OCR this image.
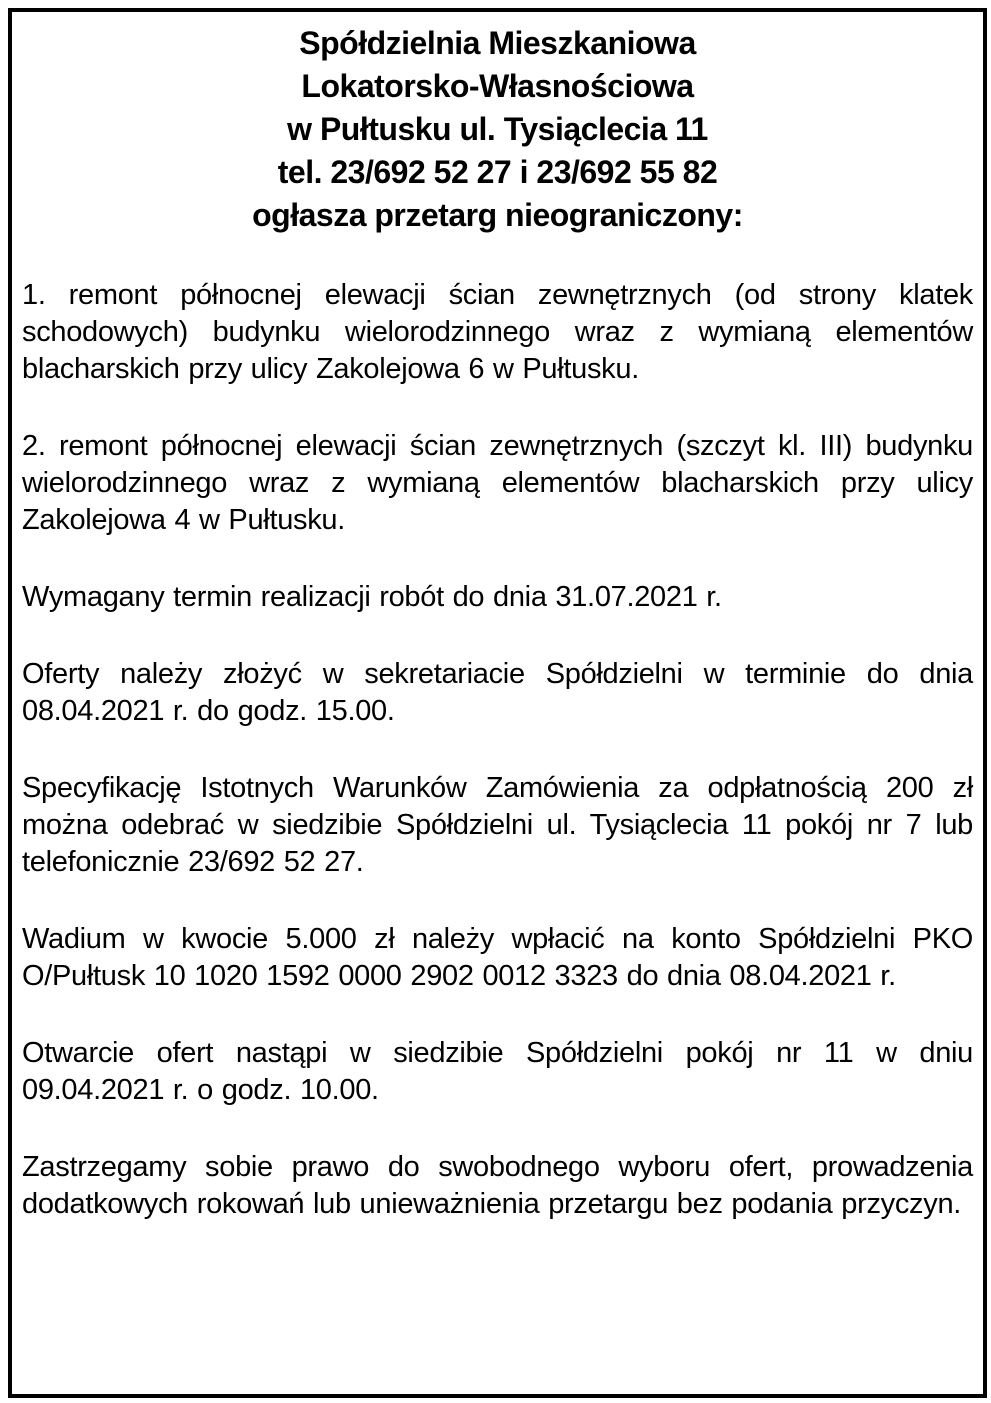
Spółdzielnia Mieszkaniowa
Lokatorsko-Własnościowa
w Pułtusku ul. Tysiąclecia 11
tel. 23/692 52 27 i 23/692 55 82
ogłasza przetarg nieograniczony:

1. remont północnej elewacji ścian zewnętrznych (od strony klatek schodowych) budynku wielorodzinnego wraz z wymianą elementów blacharskich przy ulicy Zakolejowa 6 w Pułtusku.

2. remont północnej elewacji ścian zewnętrznych (szczyt kl. III) budynku wielorodzinnego wraz z wymianą elementów blacharskich przy ulicy Zakolejowa 4 w Pułtusku.

Wymagany termin realizacji robót do dnia 31.07.2021 r.

Oferty należy złożyć w sekretariacie Spółdzielni w terminie do dnia 08.04.2021 r. do godz. 15.00.

Specyfikację Istotnych Warunków Zamówienia za odpłatnością 200 zł można odebrać w siedzibie Spółdzielni ul. Tysiąclecia 11 pokój nr 7 lub telefonicznie 23/692 52 27.

Wadium w kwocie 5.000 zł należy wpłacić na konto Spółdzielni PKO O/Pułtusk 10 1020 1592 0000 2902 0012 3323 do dnia 08.04.2021 r.

Otwarcie ofert nastąpi w siedzibie Spółdzielni pokój nr 11 w dniu 09.04.2021 r. o godz. 10.00.

Zastrzegamy sobie prawo do swobodnego wyboru ofert, prowadzenia dodatkowych rokowań lub unieważnienia przetargu bez podania przyczyn.
